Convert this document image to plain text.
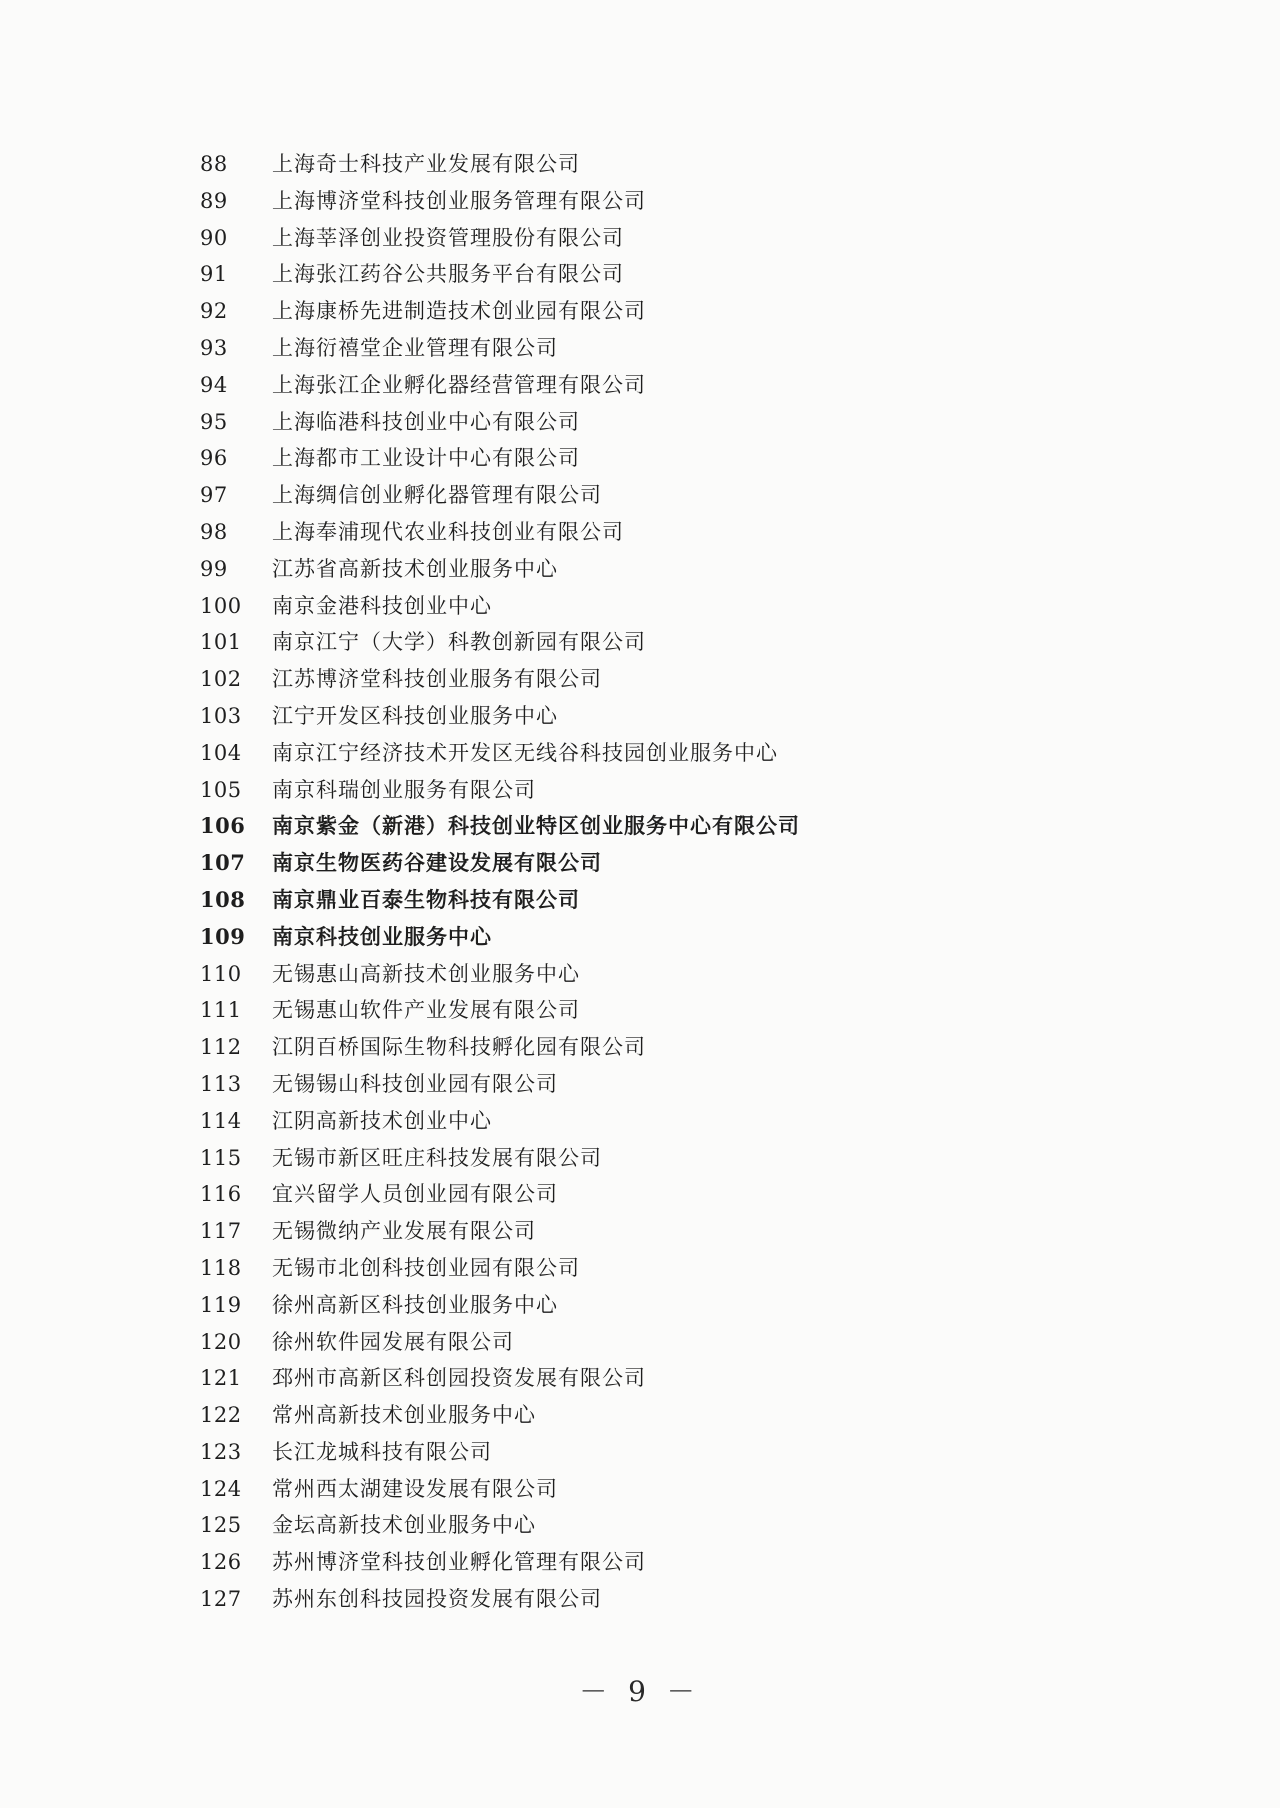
88 上海奇士科技产业发展有限公司
89 上海博济堂科技创业服务管理有限公司
90 上海莘泽创业投资管理股份有限公司
91 上海张江药谷公共服务平台有限公司
92 上海康桥先进制造技术创业园有限公司
93 上海衍禧堂企业管理有限公司
94 上海张江企业孵化器经营管理有限公司
95 上海临港科技创业中心有限公司
96 上海都市工业设计中心有限公司
97 上海绸信创业孵化器管理有限公司
98 上海奉浦现代农业科技创业有限公司
99 江苏省高新技术创业服务中心
100 南京金港科技创业中心
101 南京江宁（大学）科教创新园有限公司
102 江苏博济堂科技创业服务有限公司
103 江宁开发区科技创业服务中心
104 南京江宁经济技术开发区无线谷科技园创业服务中心
105 南京科瑞创业服务有限公司
106 南京紫金（新港）科技创业特区创业服务中心有限公司
107 南京生物医药谷建设发展有限公司
108 南京鼎业百泰生物科技有限公司
109 南京科技创业服务中心
110 无锡惠山高新技术创业服务中心
111 无锡惠山软件产业发展有限公司
112 江阴百桥国际生物科技孵化园有限公司
113 无锡锡山科技创业园有限公司
114 江阴高新技术创业中心
115 无锡市新区旺庄科技发展有限公司
116 宜兴留学人员创业园有限公司
117 无锡微纳产业发展有限公司
118 无锡市北创科技创业园有限公司
119 徐州高新区科技创业服务中心
120 徐州软件园发展有限公司
121 邳州市高新区科创园投资发展有限公司
122 常州高新技术创业服务中心
123 长江龙城科技有限公司
124 常州西太湖建设发展有限公司
125 金坛高新技术创业服务中心
126 苏州博济堂科技创业孵化管理有限公司
127 苏州东创科技园投资发展有限公司
－ 9 －
